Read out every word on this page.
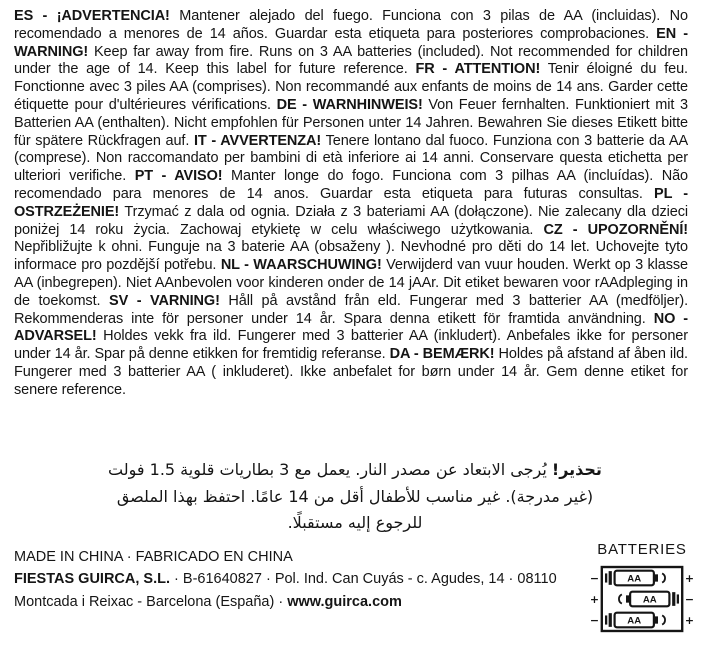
ES - ¡ADVERTENCIA! Mantener alejado del fuego. Funciona con 3 pilas de AA (incluidas). No recomendado a menores de 14 años. Guardar esta etiqueta para posteriores comprobaciones. EN - WARNING! Keep far away from fire. Runs on 3 AA batteries (included). Not recommended for children under the age of 14. Keep this label for future reference. FR - ATTENTION! Tenir éloigné du feu. Fonctionne avec 3 piles AA (comprises). Non recommandé aux enfants de moins de 14 ans. Garder cette étiquette pour d'ultérieures vérifications. DE - WARNHINWEIS! Von Feuer fernhalten. Funktioniert mit 3 Batterien AA (enthalten). Nicht empfohlen für Personen unter 14 Jahren. Bewahren Sie dieses Etikett bitte für spätere Rückfragen auf. IT - AVVERTENZA! Tenere lontano dal fuoco. Funziona con 3 batterie da AA (comprese). Non raccomandato per bambini di età inferiore ai 14 anni. Conservare questa etichetta per ulteriori verifiche. PT - AVISO! Manter longe do fogo. Funciona com 3 pilhas AA (incluídas). Não recomendado para menores de 14 anos. Guardar esta etiqueta para futuras consultas. PL - OSTRZEŻENIE! Trzymać z dala od ognia. Działa z 3 bateriami AA (dołączone). Nie zalecany dla dzieci poniżej 14 roku życia. Zachowaj etykietę w celu właściwego użytkowania. CZ - UPOZORNĚNÍ! Nepřibližujte k ohni. Funguje na 3 baterie AA (obsaženy ). Nevhodné pro děti do 14 let. Uchovejte tyto informace pro pozdější potřebu. NL - WAARSCHUWING! Verwijderd van vuur houden. Werkt op 3 klasse AA (inbegrepen). Niet AAnbevolen voor kinderen onder de 14 jAAr. Dit etiket bewaren voor rAAdpleging in de toekomst. SV - VARNING! Håll på avstånd från eld. Fungerar med 3 batterier AA (medföljer). Rekommenderas inte för personer under 14 år. Spara denna etikett för framtida användning. NO - ADVARSEL! Holdes vekk fra ild. Fungerer med 3 batterier AA (inkludert). Anbefales ikke for personer under 14 år. Spar på denne etikken for fremtidig referanse. DA - BEMÆRK! Holdes på afstand af åben ild. Fungerer med 3 batterier AA ( inkluderet). Ikke anbefalet for børn under 14 år. Gem denne etiket for senere reference.
تحذير! يُرجى الابتعاد عن مصدر النار. يعمل مع 3 بطاريات قلوية 1.5 فولت (غير مدرجة). غير مناسب للأطفال أقل من 14 عامًا. احتفظ بهذا الملصق للرجوع إليه مستقبلًا.

MADE IN CHINA · FABRICADO EN CHINA

FIESTAS GUIRCA, S.L. · B-61640827 · Pol. Ind. Can Cuyás - c. Agudes, 14 · 08110 Montcada i Reixac - Barcelona (España) · www.guirca.com

BATTERIES
AA
−	+
AA
+	−
AA
−	+
